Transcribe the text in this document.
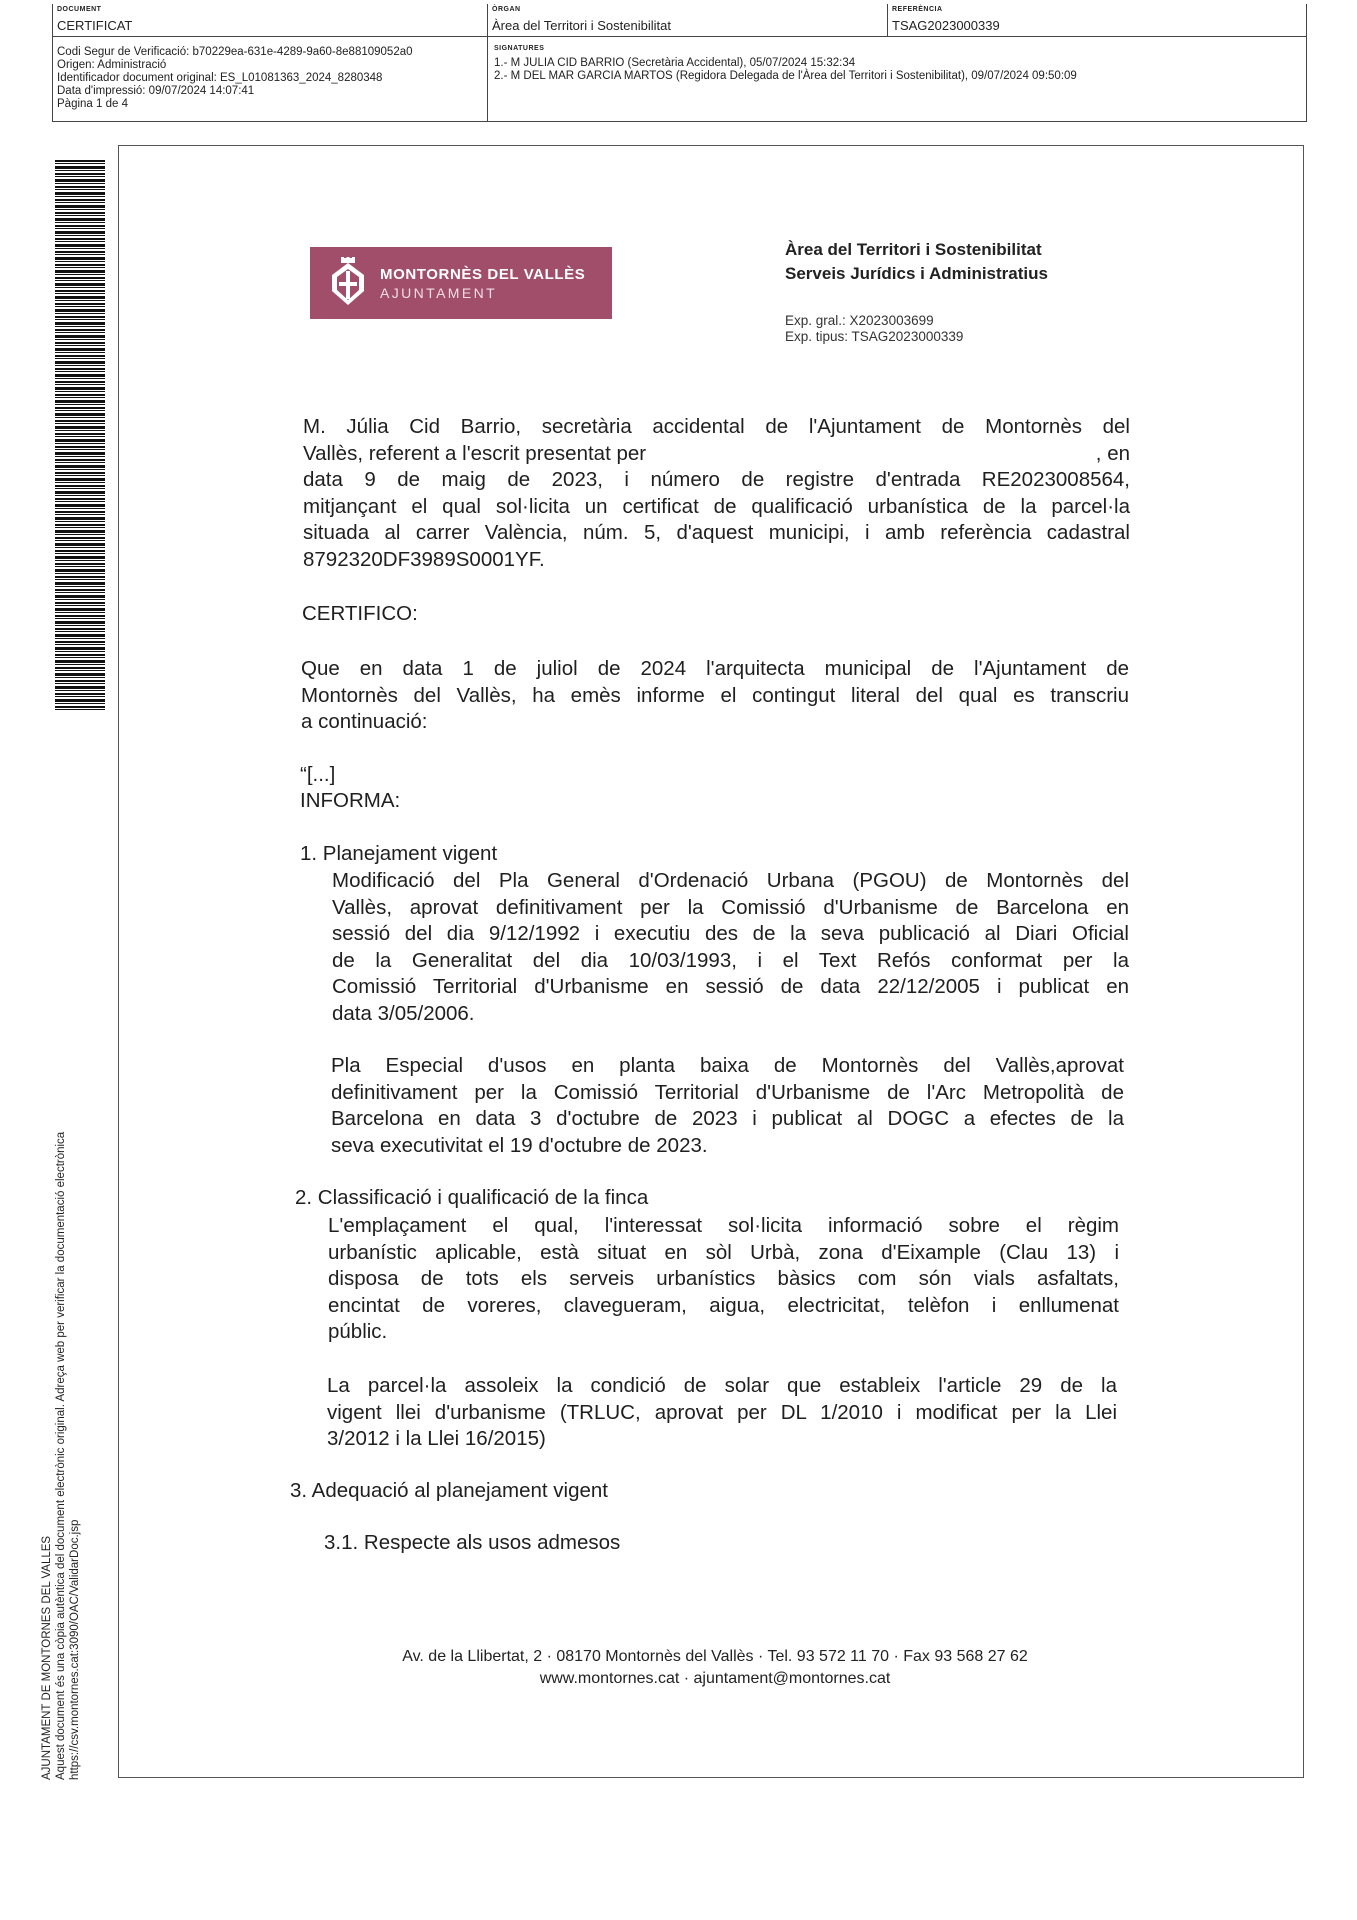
DOCUMENT
CERTIFICAT
ÒRGAN
Àrea del Territori i Sostenibilitat
REFERÈNCIA
TSAG2023000339
Codi Segur de Verificació: b70229ea-631e-4289-9a60-8e88109052a0
Origen: Administració
Identificador document original: ES_L01081363_2024_8280348
Data d'impressió: 09/07/2024 14:07:41
Pàgina 1 de 4
SIGNATURES
1.- M JULIA CID BARRIO (Secretària Accidental), 05/07/2024 15:32:34
2.- M DEL MAR GARCIA MARTOS (Regidora Delegada de l'Àrea del Territori i Sostenibilitat), 09/07/2024 09:50:09
AJUNTAMENT DE MONTORNES DEL VALLES Aquest document és una còpia autèntica del document electrònic original. Adreça web per verificar la documentació electrònica https://csv.montornes.cat:3090/OAC/ValidarDoc.jsp
MONTORNÈS DEL VALLÈS
AJUNTAMENT
Àrea del Territori i Sostenibilitat
Serveis Jurídics i Administratius
Exp. gral.: X2023003699
Exp. tipus: TSAG2023000339
M. Júlia Cid Barrio, secretària accidental de l'Ajuntament de Montornès del
Vallès, referent a l'escrit presentat per	, en
data 9 de maig de 2023, i número de registre d'entrada RE2023008564,
mitjançant el qual sol·licita un certificat de qualificació urbanística de la parcel·la
situada al carrer València, núm. 5, d'aquest municipi, i amb referència cadastral
8792320DF3989S0001YF.
CERTIFICO:
Que en data 1 de juliol de 2024 l'arquitecta municipal de l'Ajuntament de
Montornès del Vallès, ha emès informe el contingut literal del qual es transcriu
a continuació:
“[...]
INFORMA:
1. Planejament vigent
Modificació del Pla General d'Ordenació Urbana (PGOU) de Montornès del
Vallès, aprovat definitivament per la Comissió d'Urbanisme de Barcelona en
sessió del dia 9/12/1992 i executiu des de la seva publicació al Diari Oficial
de la Generalitat del dia 10/03/1993, i el Text Refós conformat per la
Comissió Territorial d'Urbanisme en sessió de data 22/12/2005 i publicat en
data 3/05/2006.
Pla Especial d'usos en planta baixa de Montornès del Vallès,aprovat
definitivament per la Comissió Territorial d'Urbanisme de l'Arc Metropolità de
Barcelona en data 3 d'octubre de 2023 i publicat al DOGC a efectes de la
seva executivitat el 19 d'octubre de 2023.
2. Classificació i qualificació de la finca
L'emplaçament el qual, l'interessat sol·licita informació sobre el règim
urbanístic aplicable, està situat en sòl Urbà, zona d'Eixample (Clau 13) i
disposa de tots els serveis urbanístics bàsics com són vials asfaltats,
encintat de voreres, clavegueram, aigua, electricitat, telèfon i enllumenat
públic.
La parcel·la assoleix la condició de solar que estableix l'article 29 de la
vigent llei d'urbanisme (TRLUC, aprovat per DL 1/2010 i modificat per la Llei
3/2012 i la Llei 16/2015)
3. Adequació al planejament vigent
3.1. Respecte als usos admesos
Av. de la Llibertat, 2 · 08170 Montornès del Vallès · Tel. 93 572 11 70 · Fax 93 568 27 62
www.montornes.cat · ajuntament@montornes.cat
